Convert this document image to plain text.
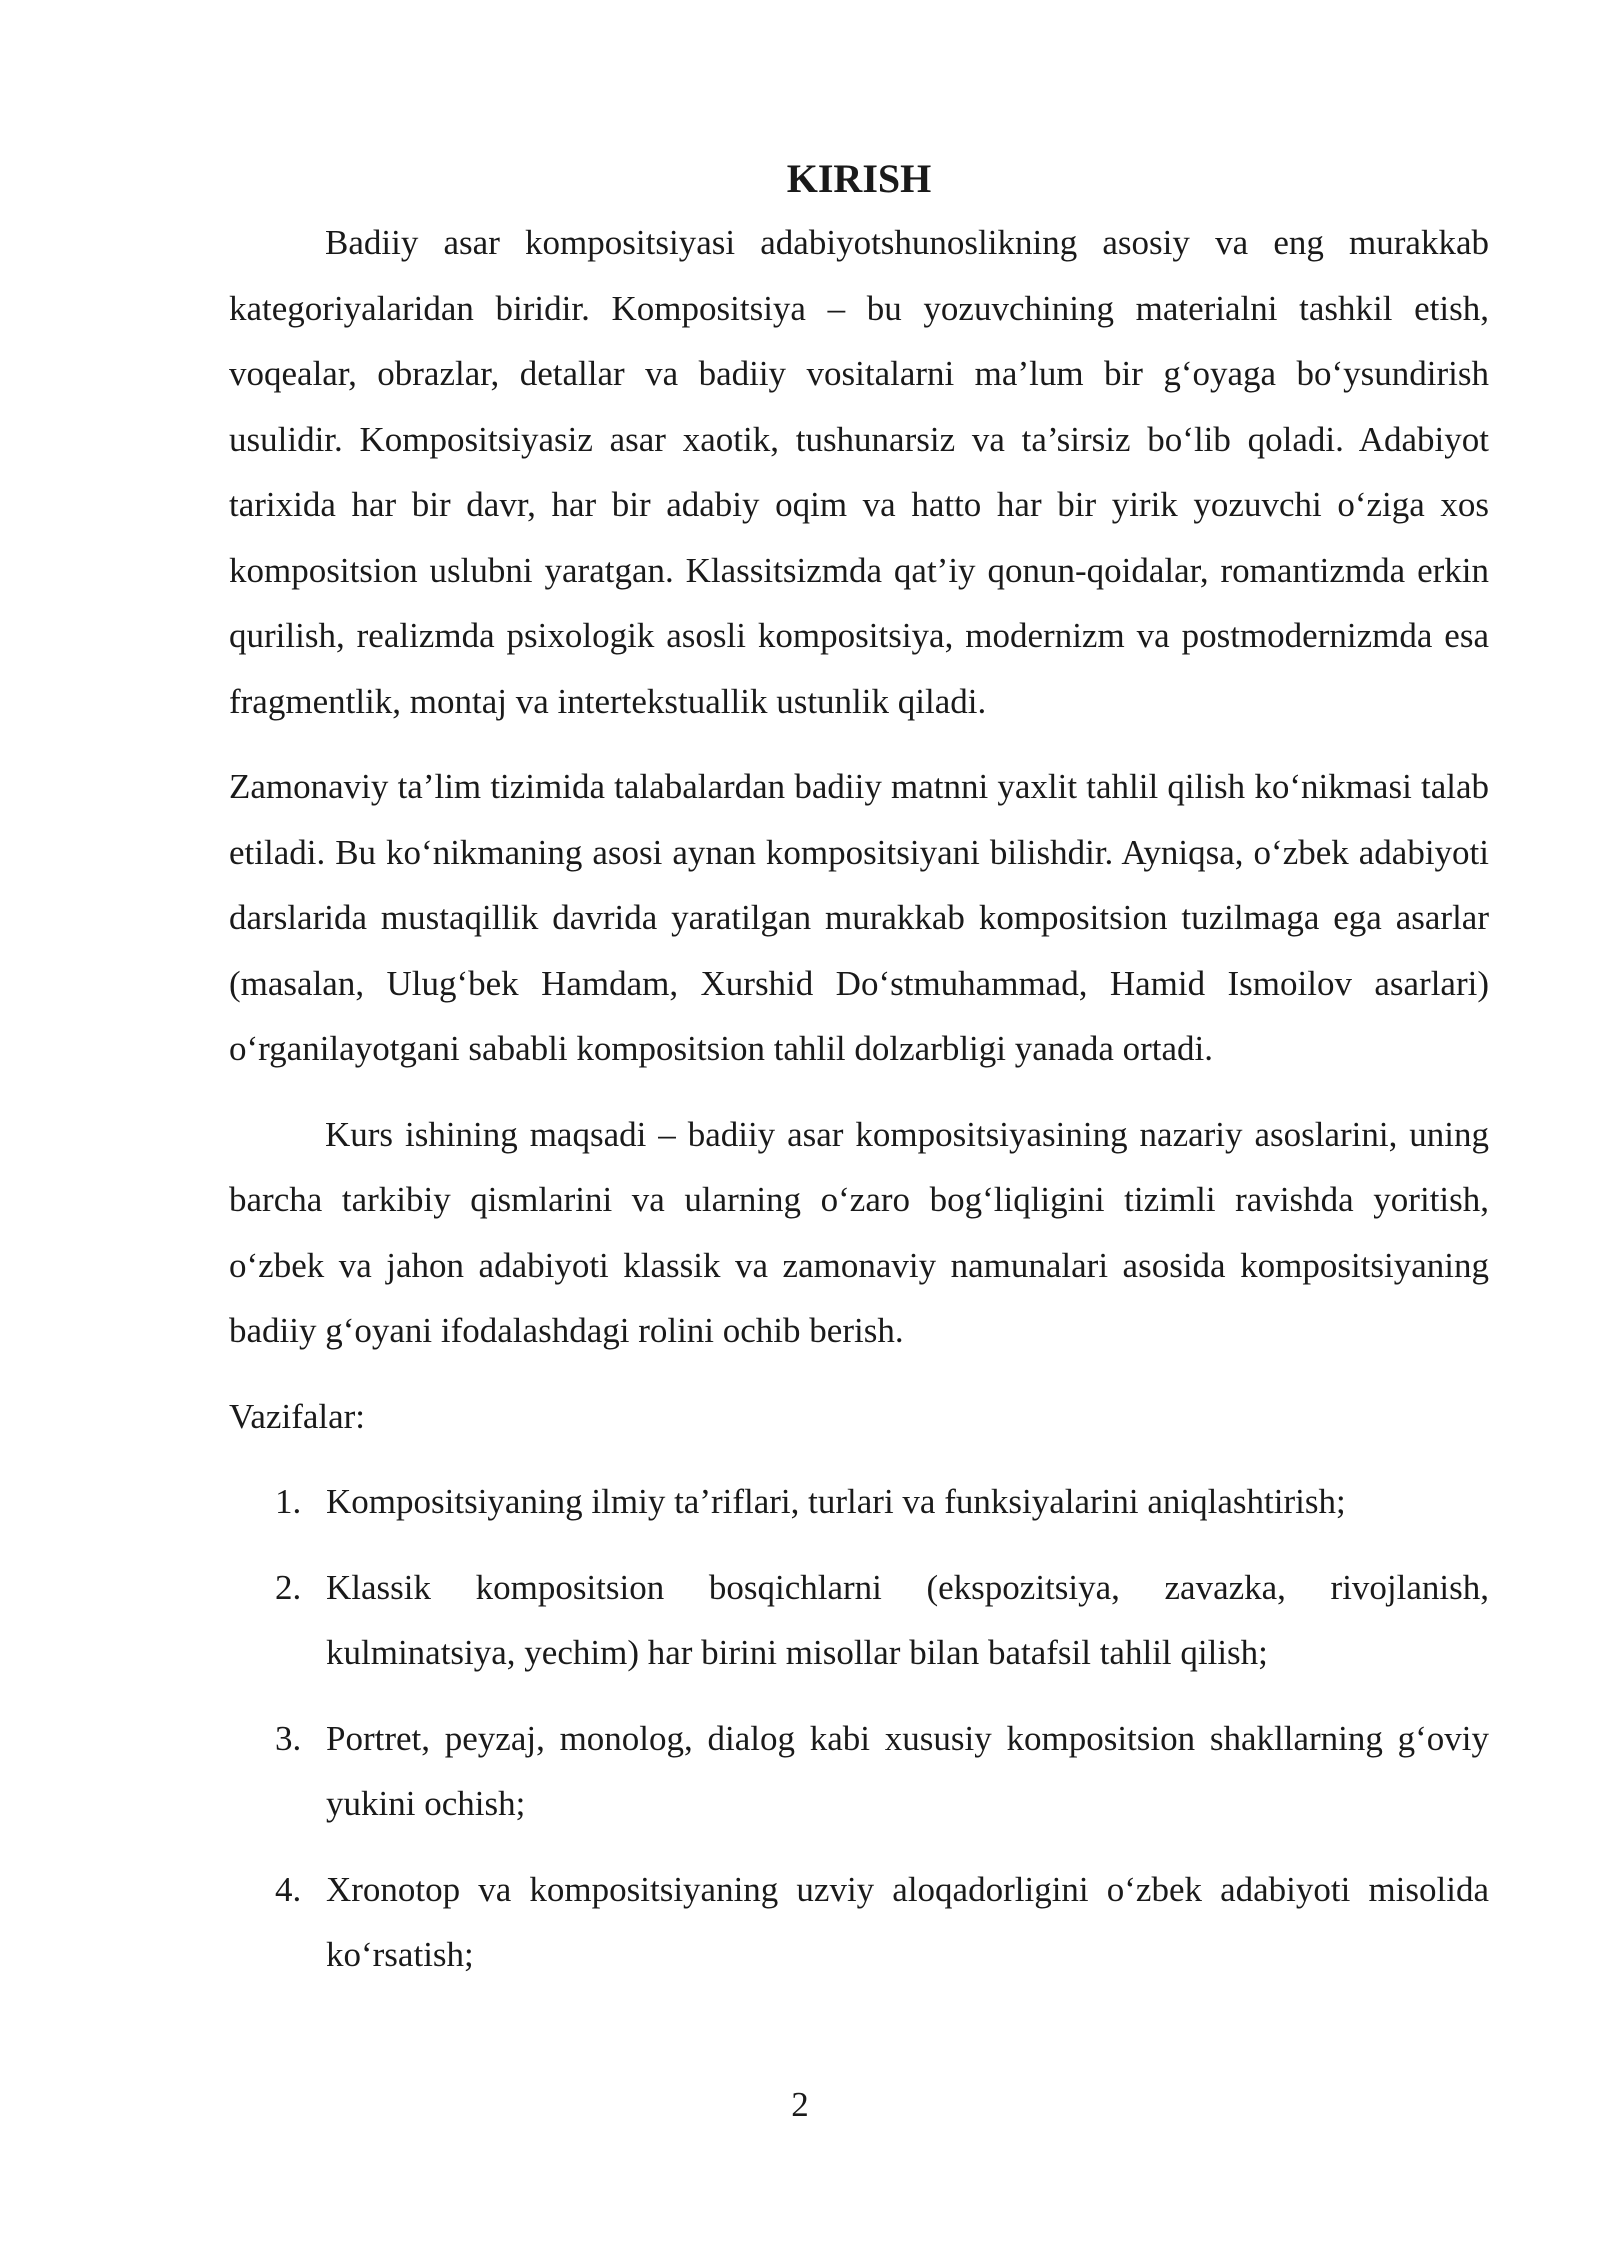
KIRISH

Badiiy asar kompositsiyasi adabiyotshunoslikning asosiy va eng murakkab kategoriyalaridan biridir. Kompositsiya – bu yozuvchining materialni tashkil etish, voqealar, obrazlar, detallar va badiiy vositalarni ma’lum bir g‘oyaga bo‘ysundirish usulidir. Kompositsiyasiz asar xaotik, tushunarsiz va ta’sirsiz bo‘lib qoladi. Adabiyot tarixida har bir davr, har bir adabiy oqim va hatto har bir yirik yozuvchi o‘ziga xos kompositsion uslubni yaratgan. Klassitsizmda qat’iy qonun-qoidalar, romantizmda erkin qurilish, realizmda psixologik asosli kompositsiya, modernizm va postmodernizmda esa fragmentlik, montaj va intertekstuallik ustunlik qiladi.

Zamonaviy ta’lim tizimida talabalardan badiiy matnni yaxlit tahlil qilish ko‘nikmasi talab etiladi. Bu ko‘nikmaning asosi aynan kompositsiyani bilishdir. Ayniqsa, o‘zbek adabiyoti darslarida mustaqillik davrida yaratilgan murakkab kompositsion tuzilmaga ega asarlar (masalan, Ulug‘bek Hamdam, Xurshid Do‘stmuhammad, Hamid Ismoilov asarlari) o‘rganilayotgani sababli kompositsion tahlil dolzarbligi yanada ortadi.

Kurs ishining maqsadi – badiiy asar kompositsiyasining nazariy asoslarini, uning barcha tarkibiy qismlarini va ularning o‘zaro bog‘liqligini tizimli ravishda yoritish, o‘zbek va jahon adabiyoti klassik va zamonaviy namunalari asosida kompositsiyaning badiiy g‘oyani ifodalashdagi rolini ochib berish.

Vazifalar:

1. Kompositsiyaning ilmiy ta’riflari, turlari va funksiyalarini aniqlashtirish;
2. Klassik kompositsion bosqichlarni (ekspozitsiya, zavazka, rivojlanish, kulminatsiya, yechim) har birini misollar bilan batafsil tahlil qilish;
3. Portret, peyzaj, monolog, dialog kabi xususiy kompositsion shakllarning g‘oviy yukini ochish;
4. Xronotop va kompositsiyaning uzviy aloqadorligini o‘zbek adabiyoti misolida ko‘rsatish;
2
